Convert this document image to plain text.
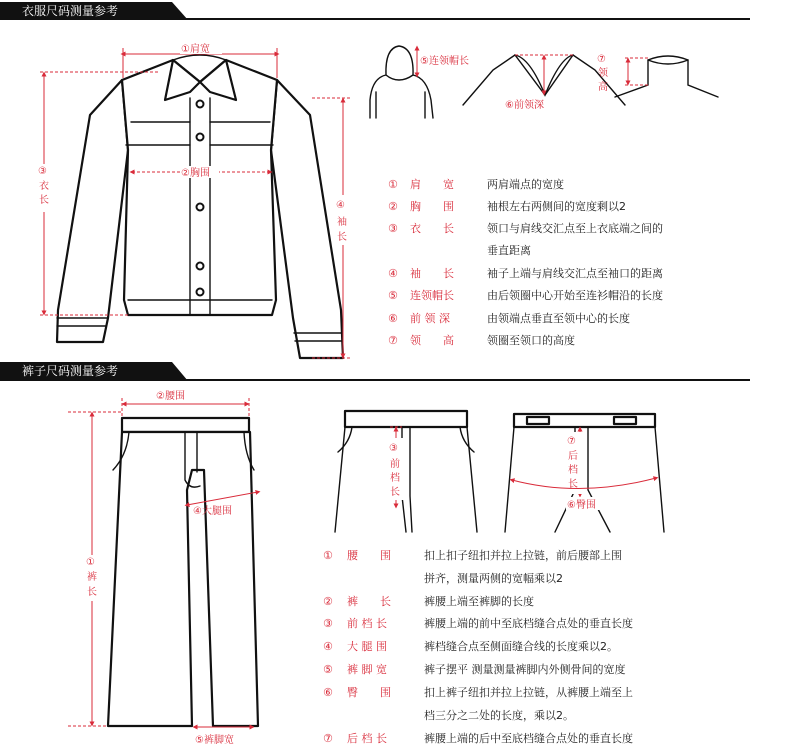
衣服尺码测量参考
①肩宽
②胸围
③
衣
长	④
袖
长
⑤连领帽长
⑥前领深
⑦
领
高
① 肩　　宽	两肩端点的宽度
② 胸　　围	袖根左右两侧间的宽度剩以2
③ 衣　　长	领口与肩线交汇点至上衣底端之间的
垂直距离
④ 袖　　长	袖子上端与肩线交汇点至袖口的距离
⑤ 连领帽长	由后领圈中心开始至连衫帽沿的长度
⑥ 前 领 深	由领端点垂直至领中心的长度
⑦ 领　　高	领圈至领口的高度
裤子尺码测量参考
②腰围
④大腿围
①
裤
长
⑤裤脚宽
③
前
档
长
⑦
后
档
长
⑥臀围
① 腰　　围	扣上扣子纽扣并拉上拉链，前后腰部上围
拼齐，测量两侧的宽幅乘以2
② 裤　　长	裤腰上端至裤脚的长度
③ 前 档 长	裤腰上端的前中至底档缝合点处的垂直长度
④ 大 腿 围	裤档缝合点至侧面缝合线的长度乘以2。
⑤ 裤 脚 宽	裤子摆平 测量测量裤脚内外侧骨间的宽度
⑥ 臀　　围	扣上裤子纽扣并拉上拉链，从裤腰上端至上
档三分之二处的长度，乘以2。
⑦ 后 档 长	裤腰上端的后中至底档缝合点处的垂直长度
